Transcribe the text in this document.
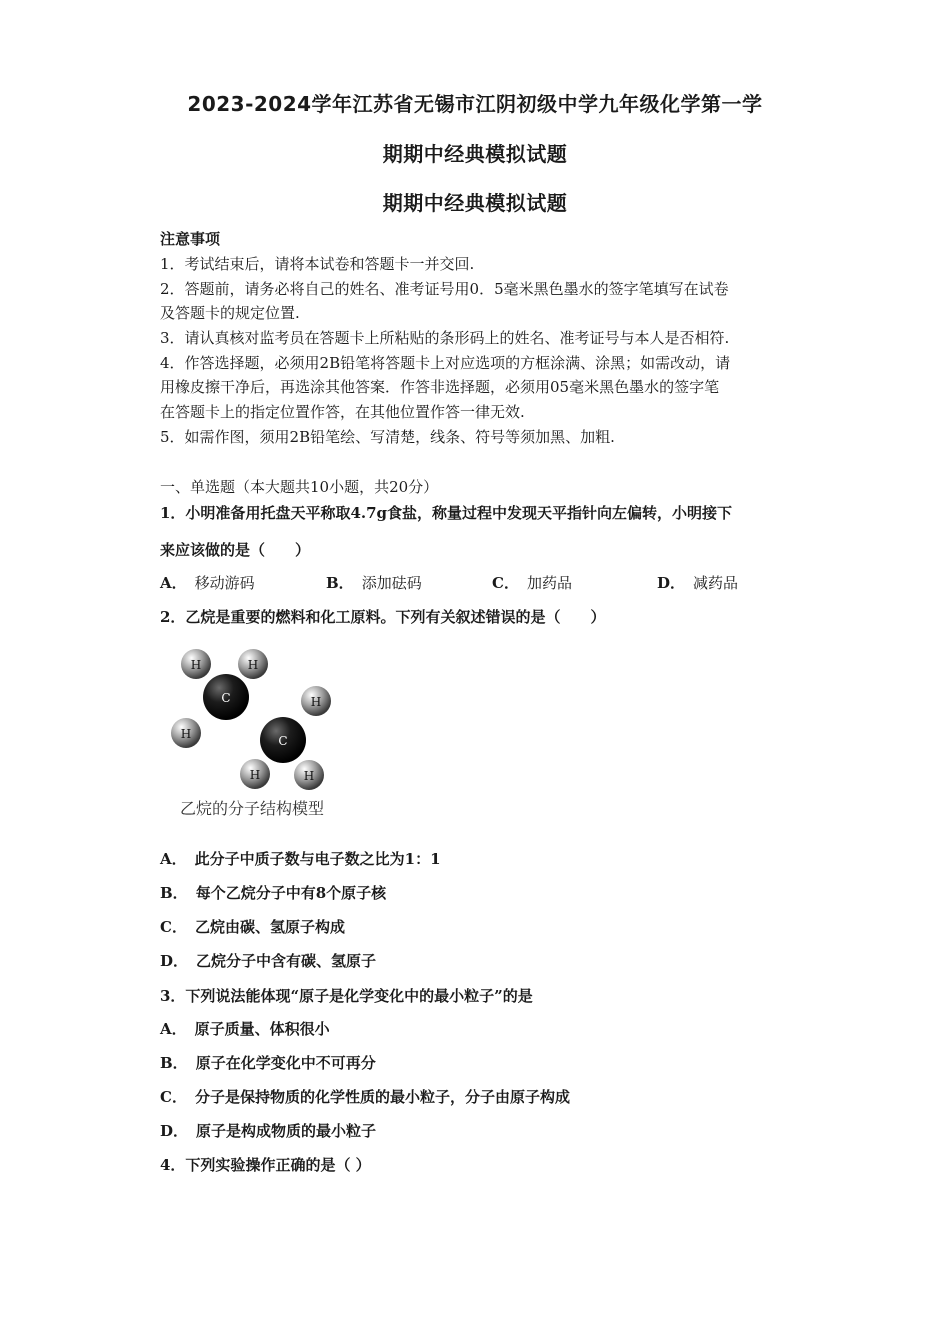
2023-2024学年江苏省无锡市江阴初级中学九年级化学第一学
期期中经典模拟试题
期期中经典模拟试题
注意事项
1．考试结束后，请将本试卷和答题卡一并交回.
2．答题前，请务必将自己的姓名、准考证号用0．5毫米黑色墨水的签字笔填写在试卷
及答题卡的规定位置.
3．请认真核对监考员在答题卡上所粘贴的条形码上的姓名、准考证号与本人是否相符.
4．作答选择题，必须用2B铅笔将答题卡上对应选项的方框涂满、涂黑；如需改动，请
用橡皮擦干净后，再选涂其他答案．作答非选择题，必须用05毫米黑色墨水的签字笔
在答题卡上的指定位置作答，在其他位置作答一律无效.
5．如需作图，须用2B铅笔绘、写清楚，线条、符号等须加黑、加粗.
一、单选题（本大题共10小题，共20分）
1．小明准备用托盘天平称取4.7g食盐，称量过程中发现天平指针向左偏转，小明接下
来应该做的是（　　）
A． 移动游码	B． 添加砝码	C． 加药品	D． 减药品
2．乙烷是重要的燃料和化工原料。下列有关叙述错误的是（　　）
H	H
H
C
H
H	H
C
乙烷的分子结构模型
A． 此分子中质子数与电子数之比为1：1
B． 每个乙烷分子中有8个原子核
C． 乙烷由碳、氢原子构成
D． 乙烷分子中含有碳、氢原子
3．下列说法能体现“原子是化学变化中的最小粒子”的是
A． 原子质量、体积很小
B． 原子在化学变化中不可再分
C． 分子是保持物质的化学性质的最小粒子，分子由原子构成
D． 原子是构成物质的最小粒子
4．下列实验操作正确的是（ ）
